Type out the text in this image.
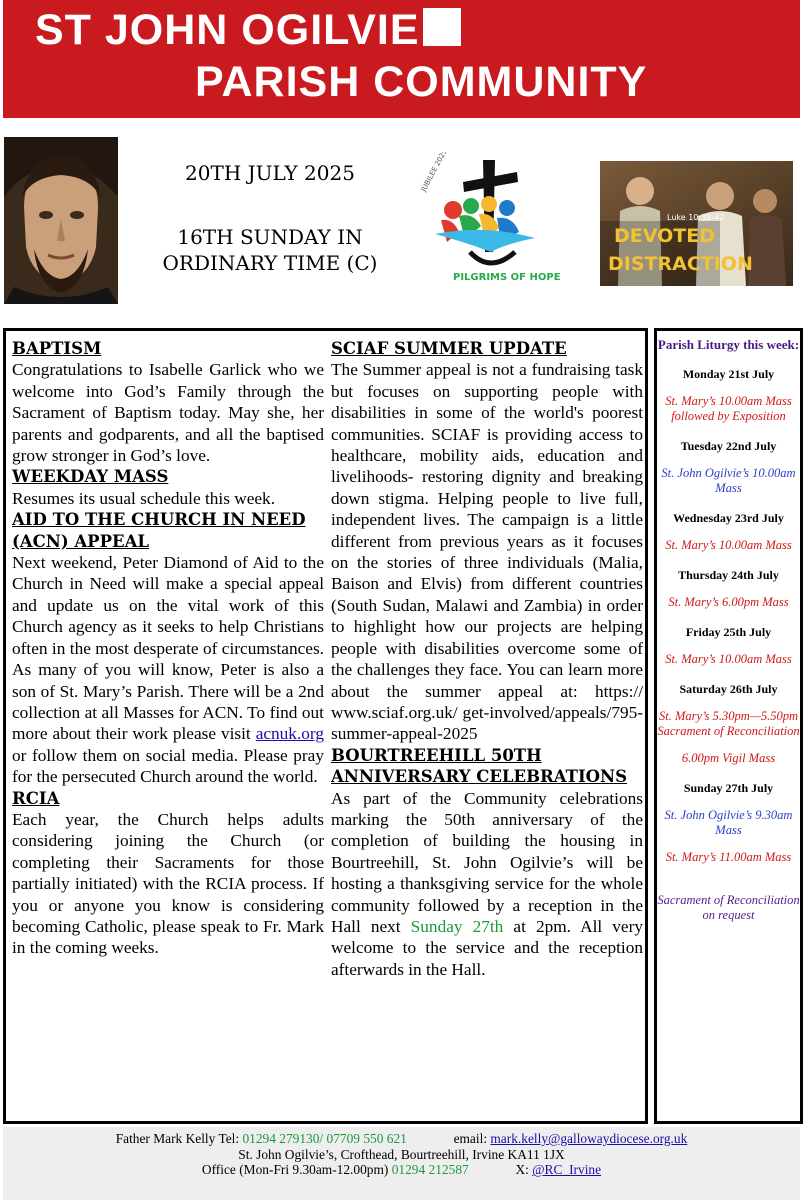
ST JOHN OGILVIE
PARISH COMMUNITY
20TH JULY 2025
16TH SUNDAY IN ORDINARY TIME (C)
JUBILEE 2025
PILGRIMS OF HOPE
Luke 10:38-42
DEVOTED
DISTRACTION
BAPTISM

Congratulations to Isabelle Garlick who we welcome into God’s Family through the Sacrament of Baptism today. May she, her parents and godparents, and all the baptised grow stronger in God’s love.

WEEKDAY MASS

Resumes its usual schedule this week.

AID TO THE CHURCH IN NEED (ACN) APPEAL

Next weekend, Peter Diamond of Aid to the Church in Need will make a special appeal and update us on the vital work of this Church agency as it seeks to help Christians often in the most desperate of circumstances. As many of you will know, Peter is also a son of St. Mary’s Parish. There will be a 2nd collection at all Masses for ACN. To find out more about their work please visit acnuk.org or follow them on social media. Please pray for the persecuted Church around the world.

RCIA

Each year, the Church helps adults considering joining the Church (or completing their Sacraments for those partially initiated) with the RCIA process. If you or anyone you know is considering becoming Catholic, please speak to Fr. Mark in the coming weeks.

SCIAF SUMMER UPDATE

The Summer appeal is not a fundraising task but focuses on supporting people with disabilities in some of the world's poorest communities. SCIAF is providing access to healthcare, mobility aids, education and livelihoods- restoring dignity and breaking down stigma. Helping people to live full, independent lives. The campaign is a little different from previous years as it focuses on the stories of three individuals (Malia, Baison and Elvis) from different countries (South Sudan, Malawi and Zambia) in order to highlight how our projects are helping people with disabilities overcome some of the challenges they face. You can learn more about the summer appeal at: https:// www.sciaf.org.uk/ get-involved/appeals/795-summer-appeal-2025

BOURTREEHILL 50TH ANNIVERSARY CELEBRATIONS

As part of the Community celebrations marking the 50th anniversary of the completion of building the housing in Bourtreehill, St. John Ogilvie’s will be hosting a thanksgiving service for the whole community followed by a reception in the Hall next Sunday 27th at 2pm. All very welcome to the service and the reception afterwards in the Hall.

Parish Liturgy this week:
Monday 21st July
St. Mary’s 10.00am Mass followed by Exposition
Tuesday 22nd July
St. John Ogilvie’s 10.00am Mass
Wednesday 23rd July
St. Mary’s 10.00am Mass
Thursday 24th July
St. Mary’s 6.00pm Mass
Friday 25th July
St. Mary’s 10.00am Mass
Saturday 26th July
St. Mary’s 5.30pm—5.50pm Sacrament of Reconciliation
6.00pm Vigil Mass
Sunday 27th July
St. John Ogilvie’s 9.30am Mass
St. Mary’s 11.00am Mass
Sacrament of Reconciliation on request
Father Mark Kelly Tel: 01294 279130/ 07709 550 621	email: mark.kelly@gallowaydiocese.org.uk
St. John Ogilvie’s, Crofthead, Bourtreehill, Irvine KA11 1JX
Office (Mon-Fri 9.30am-12.00pm) 01294 212587	X: @RC_Irvine
